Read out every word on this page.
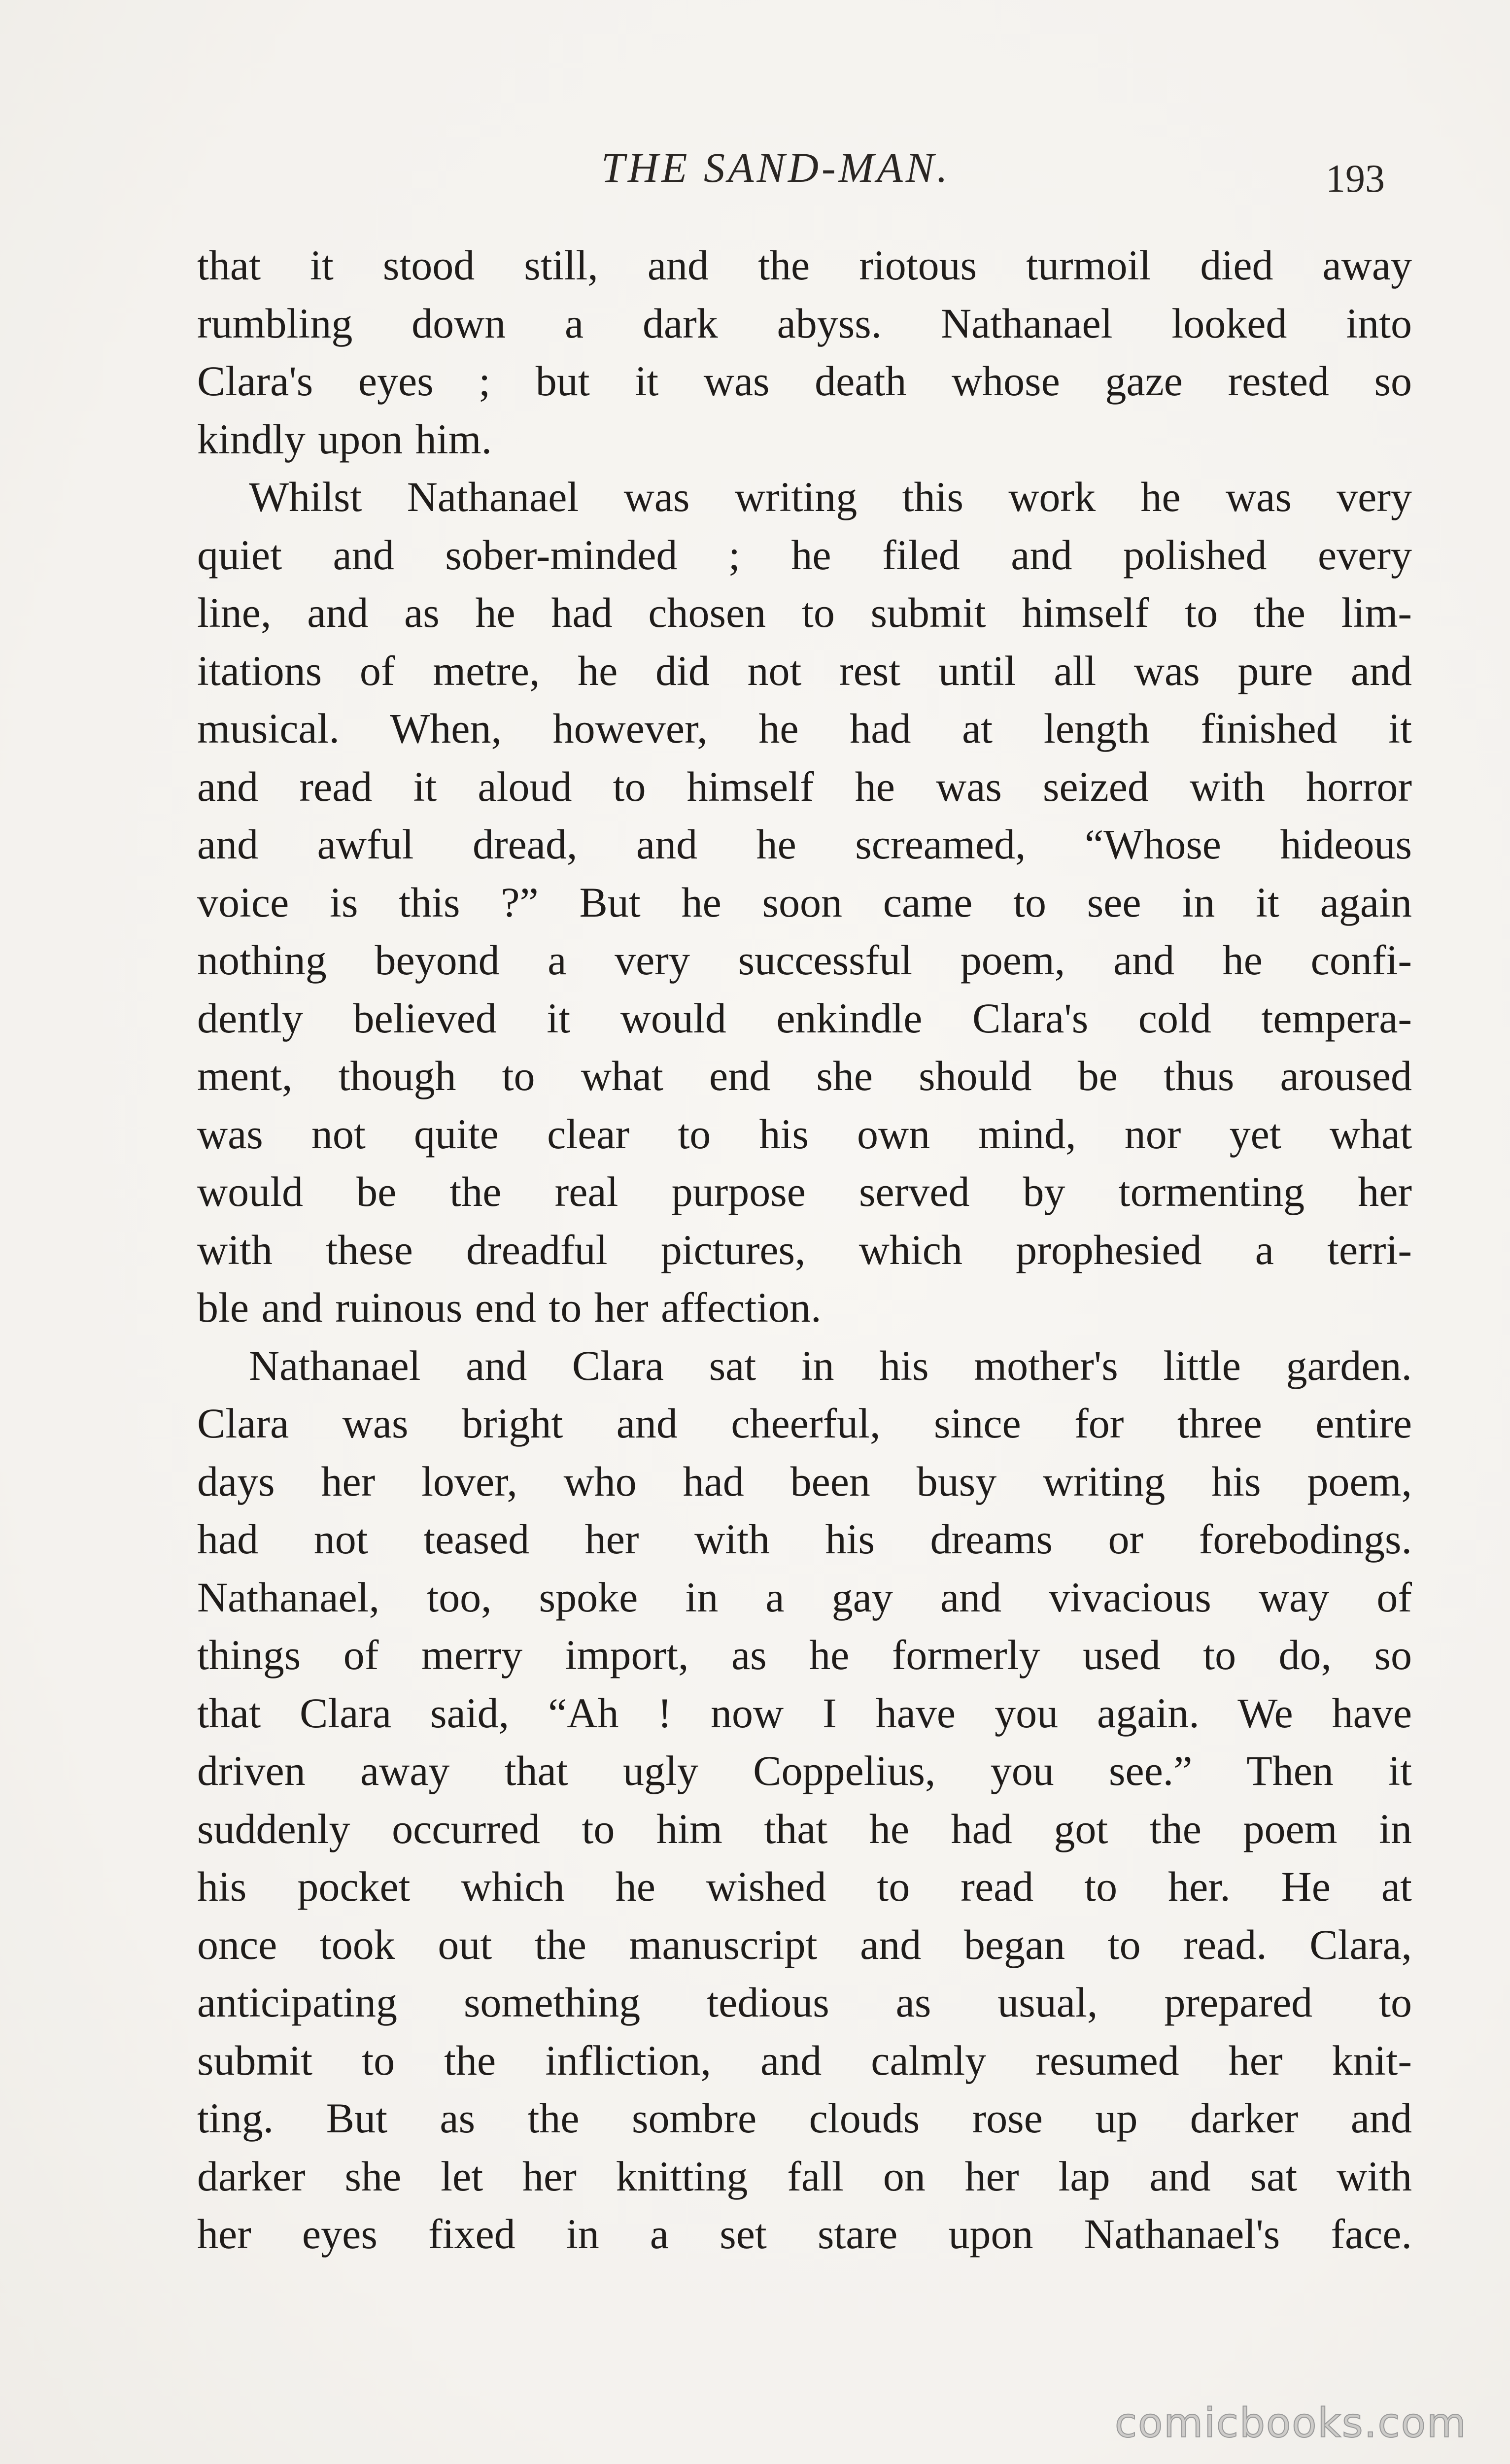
THE SAND-MAN.	193
that it stood still, and the riotous turmoil died away
rumbling down a dark abyss. Nathanael looked into
Clara's eyes ; but it was death whose gaze rested so
kindly upon him.
Whilst Nathanael was writing this work he was very
quiet and sober-minded ; he filed and polished every
line, and as he had chosen to submit himself to the lim-
itations of metre, he did not rest until all was pure and
musical. When, however, he had at length finished it
and read it aloud to himself he was seized with horror
and awful dread, and he screamed, “Whose hideous
voice is this ?” But he soon came to see in it again
nothing beyond a very successful poem, and he confi-
dently believed it would enkindle Clara's cold tempera-
ment, though to what end she should be thus aroused
was not quite clear to his own mind, nor yet what
would be the real purpose served by tormenting her
with these dreadful pictures, which prophesied a terri-
ble and ruinous end to her affection.
Nathanael and Clara sat in his mother's little garden.
Clara was bright and cheerful, since for three entire
days her lover, who had been busy writing his poem,
had not teased her with his dreams or forebodings.
Nathanael, too, spoke in a gay and vivacious way of
things of merry import, as he formerly used to do, so
that Clara said, “Ah ! now I have you again. We have
driven away that ugly Coppelius, you see.” Then it
suddenly occurred to him that he had got the poem in
his pocket which he wished to read to her. He at
once took out the manuscript and began to read. Clara,
anticipating something tedious as usual, prepared to
submit to the infliction, and calmly resumed her knit-
ting. But as the sombre clouds rose up darker and
darker she let her knitting fall on her lap and sat with
her eyes fixed in a set stare upon Nathanael's face.
comicbooks.com
